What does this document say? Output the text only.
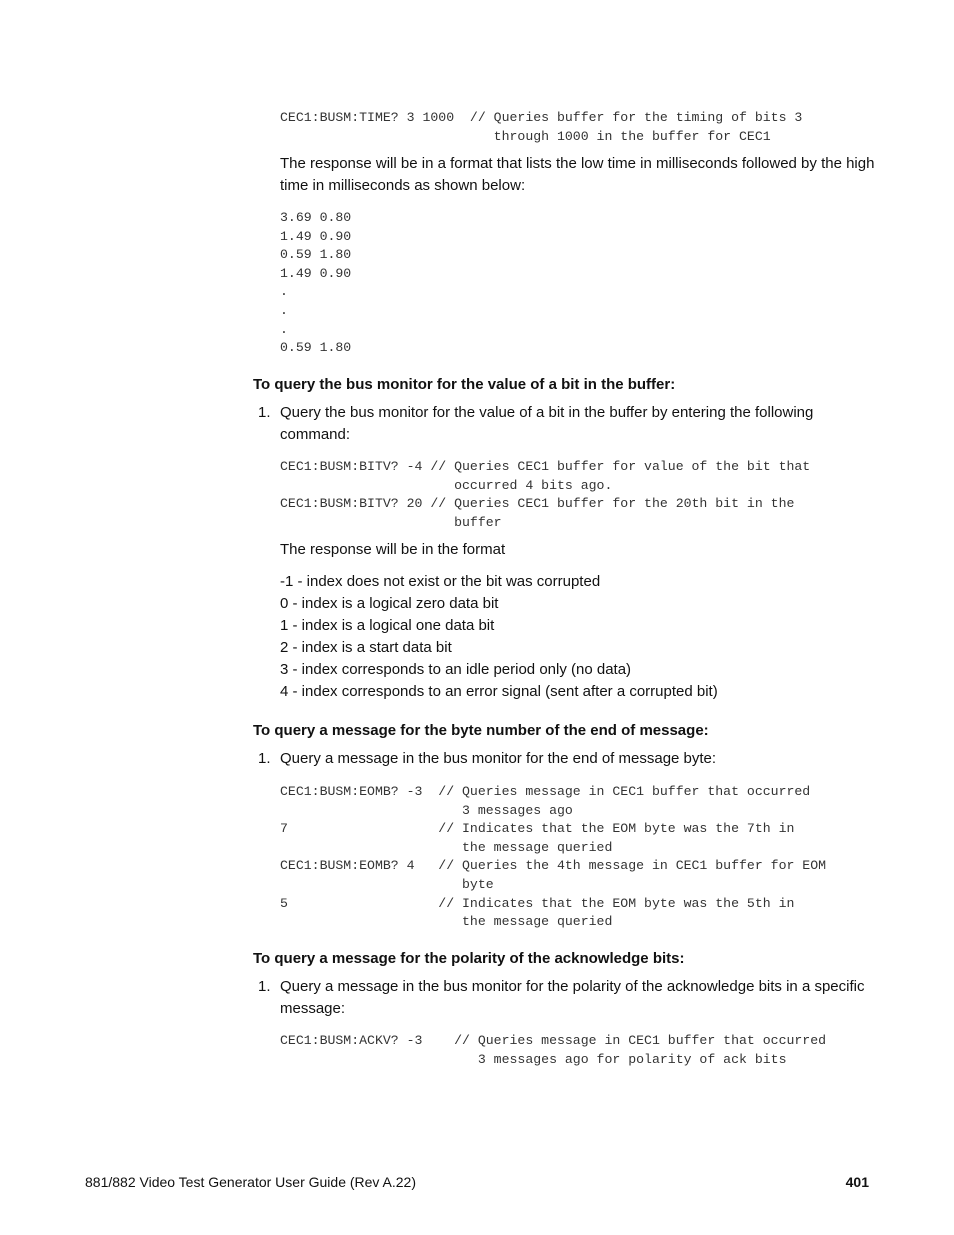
CEC1:BUSM:TIME? 3 1000  // Queries buffer for the timing of bits 3
through 1000 in the buffer for CEC1

The response will be in a format that lists the low time in milliseconds followed by the high time in milliseconds as shown below:

3.69 0.80
1.49 0.90
0.59 1.80
1.49 0.90
.
.
.
0.59 1.80
To query the bus monitor for the value of a bit in the buffer:
1. Query the bus monitor for the value of a bit in the buffer by entering the following command:

CEC1:BUSM:BITV? -4 // Queries CEC1 buffer for value of the bit that
occurred 4 bits ago.
CEC1:BUSM:BITV? 20 // Queries CEC1 buffer for the 20th bit in the
buffer

The response will be in the format

-1 - index does not exist or the bit was corrupted
0 - index is a logical zero data bit
1 - index is a logical one data bit
2 - index is a start data bit
3 - index corresponds to an idle period only (no data)
4 - index corresponds to an error signal (sent after a corrupted bit)
To query a message for the byte number of the end of message:
1. Query a message in the bus monitor for the end of message byte:

CEC1:BUSM:EOMB? -3  // Queries message in CEC1 buffer that occurred
3 messages ago
7                   // Indicates that the EOM byte was the 7th in
the message queried
CEC1:BUSM:EOMB? 4   // Queries the 4th message in CEC1 buffer for EOM
byte
5                   // Indicates that the EOM byte was the 5th in
the message queried
To query a message for the polarity of the acknowledge bits:
1. Query a message in the bus monitor for the polarity of the acknowledge bits in a specific message:

CEC1:BUSM:ACKV? -3    // Queries message in CEC1 buffer that occurred
3 messages ago for polarity of ack bits
881/882 Video Test Generator User Guide (Rev A.22)	401
